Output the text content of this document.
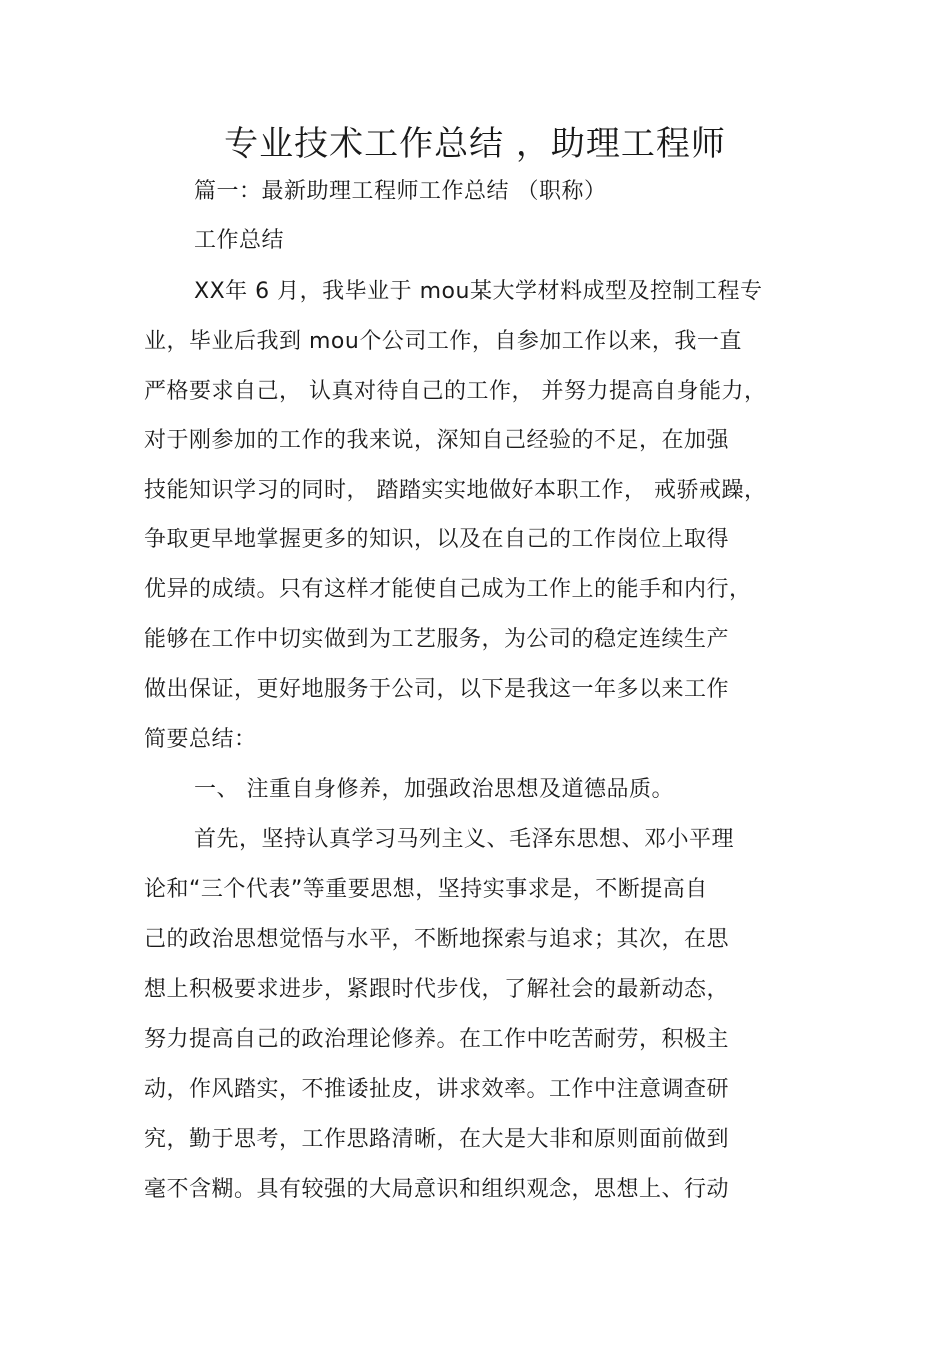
专业技术工作总结 ，助理工程师
篇一：最新助理工程师工作总结 （职称）
工作总结
XX年 6 月，我毕业于 mou某大学材料成型及控制工程专
业，毕业后我到 mou个公司工作，自参加工作以来，我一直
严格要求自己， 认真对待自己的工作， 并努力提高自身能力，
对于刚参加的工作的我来说，深知自己经验的不足，在加强
技能知识学习的同时， 踏踏实实地做好本职工作， 戒骄戒躁，
争取更早地掌握更多的知识，以及在自己的工作岗位上取得
优异的成绩。只有这样才能使自己成为工作上的能手和内行，
能够在工作中切实做到为工艺服务，为公司的稳定连续生产
做出保证，更好地服务于公司，以下是我这一年多以来工作
简要总结：
一、 注重自身修养，加强政治思想及道德品质。
首先，坚持认真学习马列主义、毛泽东思想、邓小平理
论和“三个代表”等重要思想，坚持实事求是，不断提高自
己的政治思想觉悟与水平，不断地探索与追求；其次，在思
想上积极要求进步，紧跟时代步伐，了解社会的最新动态，
努力提高自己的政治理论修养。在工作中吃苦耐劳，积极主
动，作风踏实，不推诿扯皮，讲求效率。工作中注意调查研
究，勤于思考，工作思路清晰，在大是大非和原则面前做到
毫不含糊。具有较强的大局意识和组织观念，思想上、行动
